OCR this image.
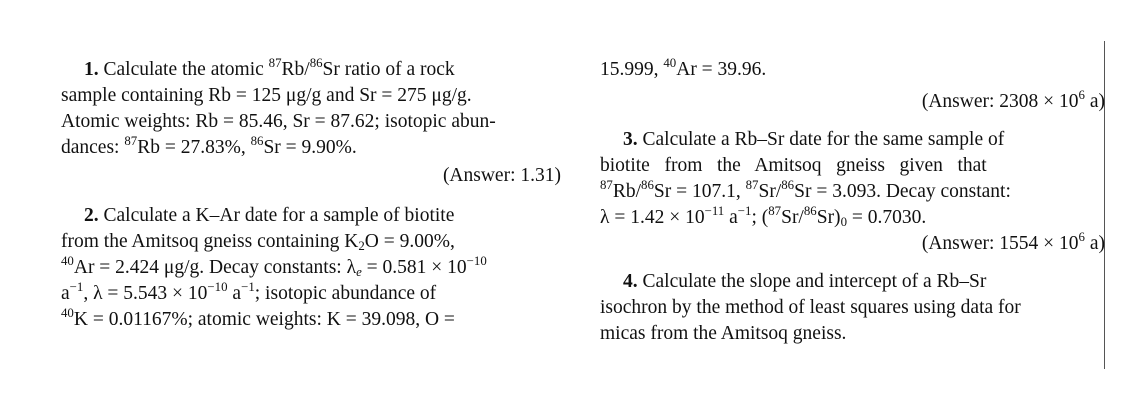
1. Calculate the atomic $^{87}$Rb/$^{86}$Sr ratio of a rock
sample containing Rb = 125 μg/g and Sr = 275 μg/g.
Atomic weights: Rb = 85.46, Sr = 87.62; isotopic abun-
dances: $^{87}$Rb = 27.83%, $^{86}$Sr = 9.90%.
(Answer: 1.31)
2. Calculate a K–Ar date for a sample of biotite
from the Amitsoq gneiss containing $K_2O = 9.00\%$,
$^{40}$Ar = 2.424 μg/g. Decay constants: $\lambda_e = 0.581 \times 10^{-10}$
$a^{-1}$, $\lambda = 5.543 \times 10^{-10}$ $a^{-1}$; isotopic abundance of
$^{40}$K = 0.01167%; atomic weights: K = 39.098, O =
15.999, $^{40}$Ar = 39.96.
(Answer: $2308 \times 10^6$ a)
3. Calculate a Rb–Sr date for the same sample of
biotite   from   the   Amitsoq   gneiss   given   that
$^{87}$Rb/$^{86}$Sr = 107.1, $^{87}$Sr/$^{86}$Sr = 3.093. Decay constant:
$\lambda = 1.42 \times 10^{-11}$ $a^{-1}$; $(^{87}Sr/^{86}Sr)_0 = 0.7030$.
(Answer: $1554 \times 10^6$ a)
4. Calculate the slope and intercept of a Rb–Sr
isochron by the method of least squares using data for
micas from the Amitsoq gneiss.
